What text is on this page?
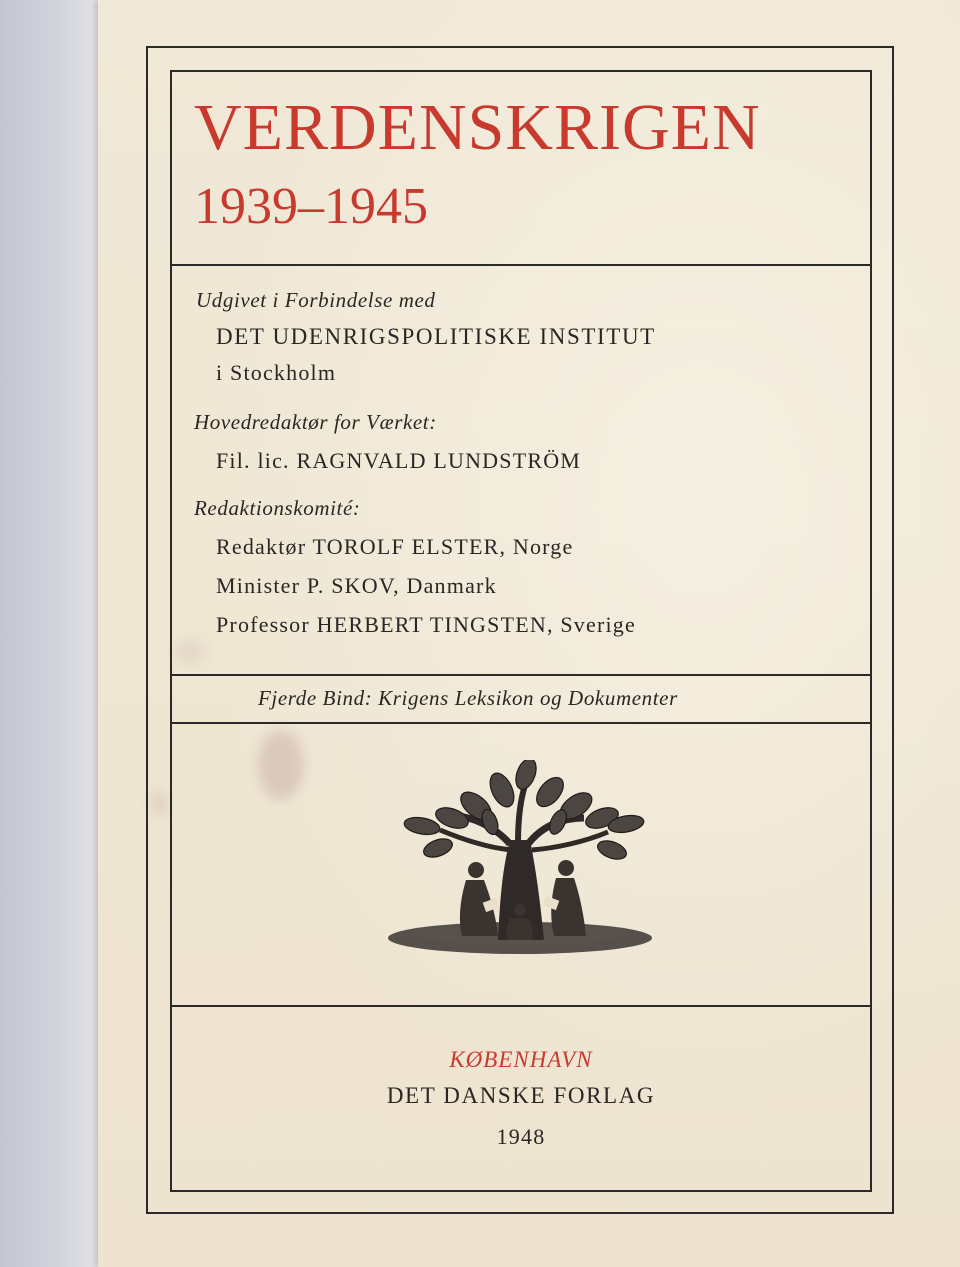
VERDENSKRIGEN
1939–1945

Udgivet i Forbindelse med

DET UDENRIGSPOLITISKE INSTITUT

i Stockholm

Hovedredaktør for Værket:

Fil. lic. RAGNVALD LUNDSTRÖM

Redaktionskomité:

Redaktør TOROLF ELSTER, Norge

Minister P. SKOV, Danmark

Professor HERBERT TINGSTEN, Sverige

Fjerde Bind: Krigens Leksikon og Dokumenter

KØBENHAVN

DET DANSKE FORLAG

1948
